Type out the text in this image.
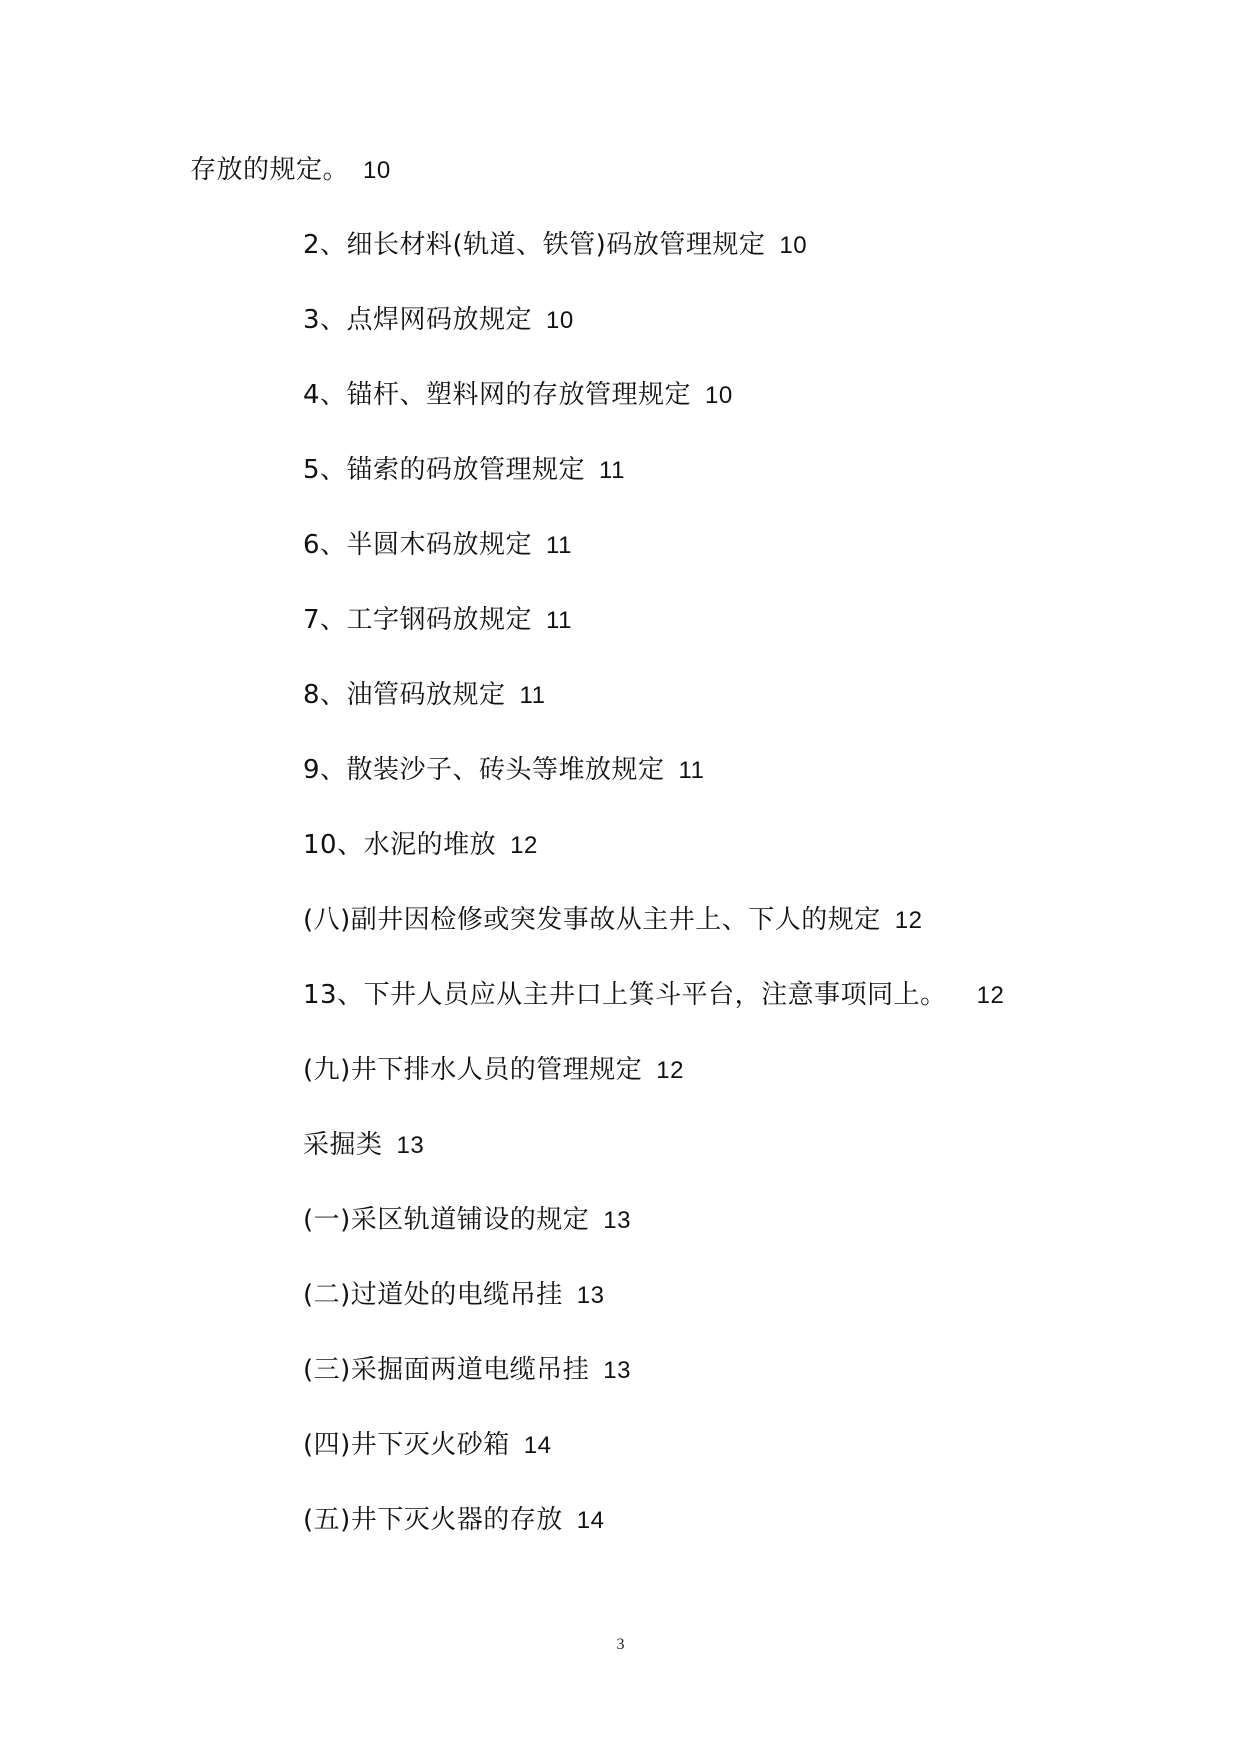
存放的规定。 10
2、细长材料(轨道、铁管)码放管理规定 10
3、点焊网码放规定 10
4、锚杆、塑料网的存放管理规定 10
5、锚索的码放管理规定 11
6、半圆木码放规定 11
7、工字钢码放规定 11
8、油管码放规定 11
9、散装沙子、砖头等堆放规定 11
10、水泥的堆放 12
(八)副井因检修或突发事故从主井上、下人的规定 12
13、下井人员应从主井口上箕斗平台，注意事项同上。 12
(九)井下排水人员的管理规定 12
采掘类 13
(一)采区轨道铺设的规定 13
(二)过道处的电缆吊挂 13
(三)采掘面两道电缆吊挂 13
(四)井下灭火砂箱 14
(五)井下灭火器的存放 14
3
